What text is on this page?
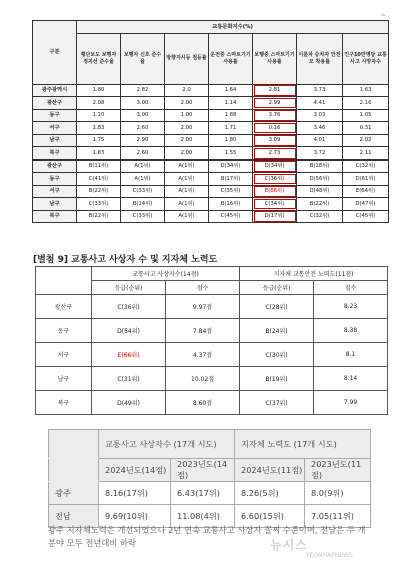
~
구분	교통문화지수(%)						
	횡단보도 보행자 정지선 준수율	보행자 신호 준수율	방향지시등 점등률	운전중 스마트기기 사용률	보행중 스마트기기 사용률	이륜차 승차자 안전모 착용률	인구10만명당 교통사고 사망자수
광주광역시	1.80	2.82	2.0	1.64	2.81	3.73	1.63
광산구	2.08	3.00	2.00	1.14	2.99	4.41	2.16
동구	1.10	3.00	1.00	1.88	3.76	3.03	1.05
서구	1.83	2.60	2.00	1.71	0.16	3.46	0.31
남구	1.75	2.90	2.00	1.80	3.09	4.01	2.02
북구	1.83	2.60	2.00	1.55	2.73	3.72	2.11
광산구	B(11위)	A(1위)	A(1위)	D(34위)	D(34위)	B(18위)	C(32위)
동구	C(41위)	A(1위)	A(1위)	B(17위)	C(36위)	D(56위)	D(61위)
서구	B(22위)	C(33위)	A(1위)	C(35위)	E(66위)	D(48위)	E(64위)
남구	C(33위)	B(14위)	A(1위)	B(16위)	C(34위)	B(22위)	D(47위)
북구	B(22위)	C(33위)	A(1위)	C(45위)	D(17위)	C(32위)	C(45위)
[별첨 9] 교통사고 사상자 수 및 지자체 노력도
	교통사고 사상자수(14점)		지자체 교통안전 노력도(11점)	
	등급(순위)	점수	등급(순위)	점수
광산구	C(36위)	9.97점	C(28위)	8.23
동구	D(54위)	7.84점	B(24위)	8.38
서구	E(66위)	4.37점	C(30위)	8.1
남구	C(31위)	10.02점	B(19위)	8.14
북구	D(49위)	8.60점	C(37위)	7.99
	교통사고 사상자수 (17개 시도)		지자체 노력도 (17개 시도)	
	2024년도(14점)	2023년도(14점)	2024년도(11점)	2023년도(11점)
광주	8.16(17위)	6.43(17위)	8.26(5위)	8.0(9위)
전남	9.69(10위)	11.08(4위)	6.60(15위)	7.05(11위)
광주 지자체노력은 개선되었으나 2년 연속 교통사고 사상자 꼴찌 수준이며, 전남은 두 개 분야 모두 전년대비 하락	뉴시스
YEONHAPNEWS
